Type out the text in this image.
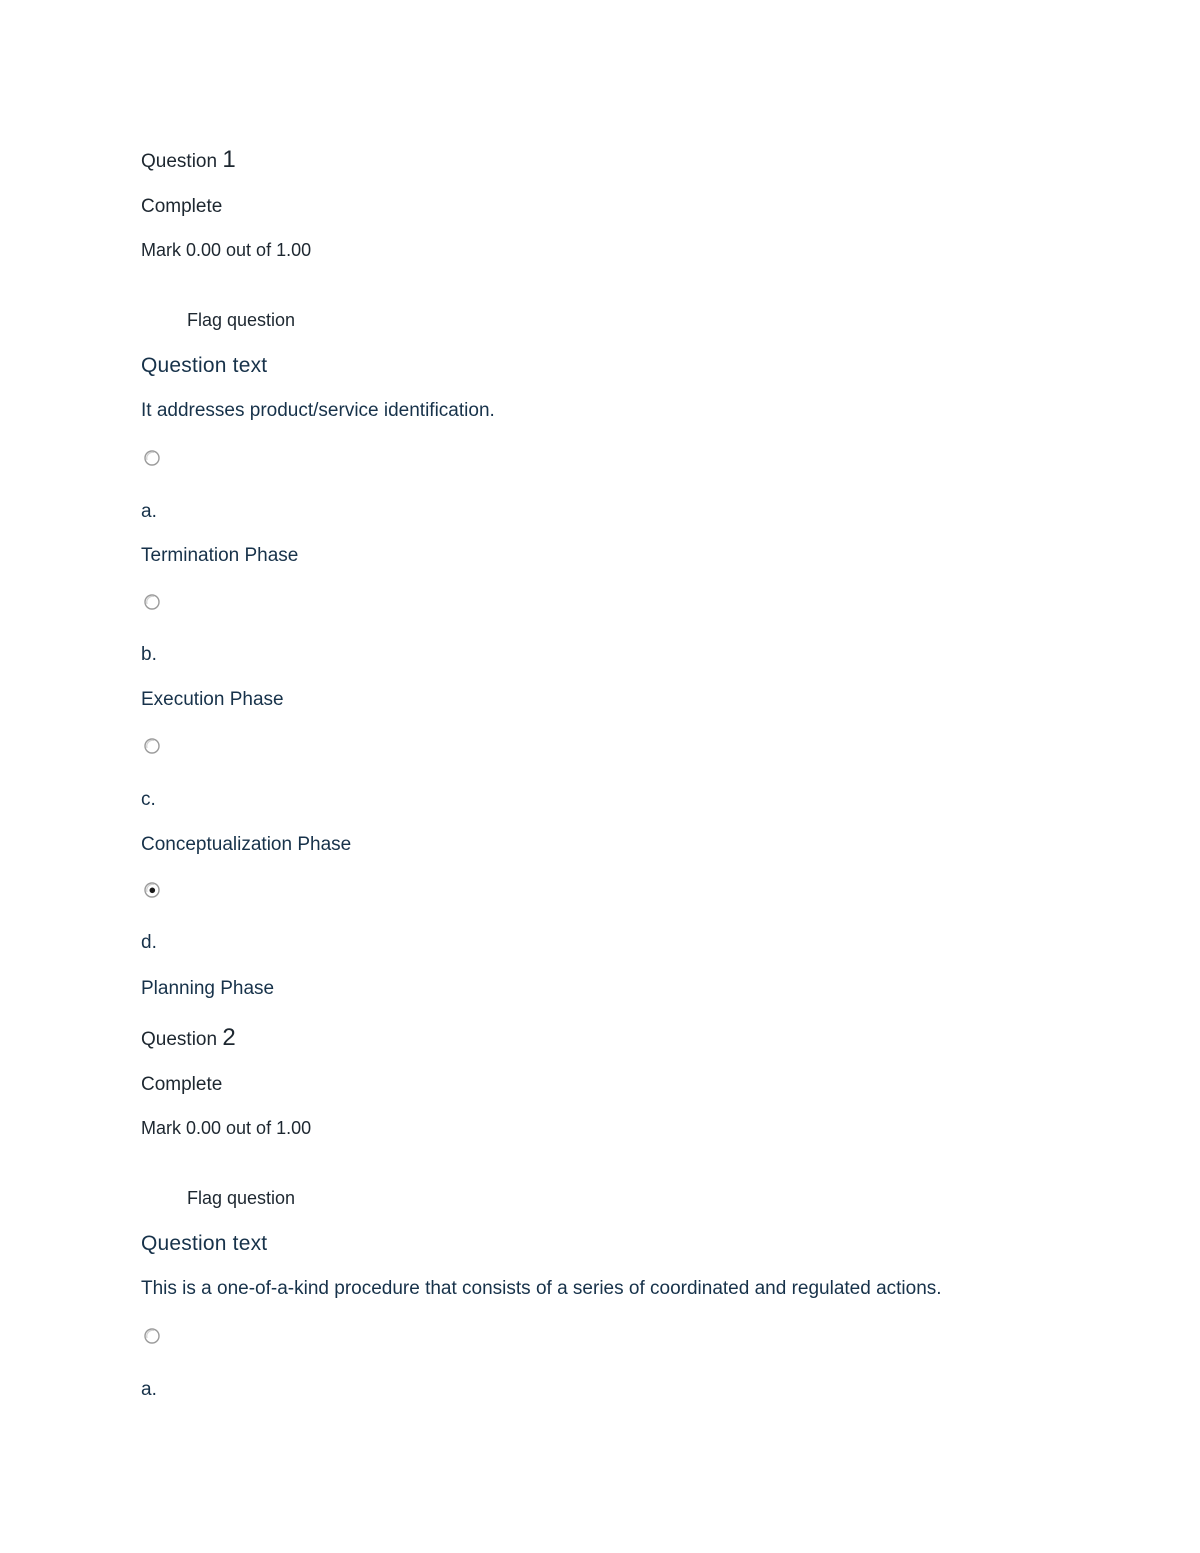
Question 1
Complete
Mark 0.00 out of 1.00
Flag question
Question text
It addresses product/service identification.
a.
Termination Phase
b.
Execution Phase
c.
Conceptualization Phase
d.
Planning Phase
Question 2
Complete
Mark 0.00 out of 1.00
Flag question
Question text
This is a one-of-a-kind procedure that consists of a series of coordinated and regulated actions.
a.
